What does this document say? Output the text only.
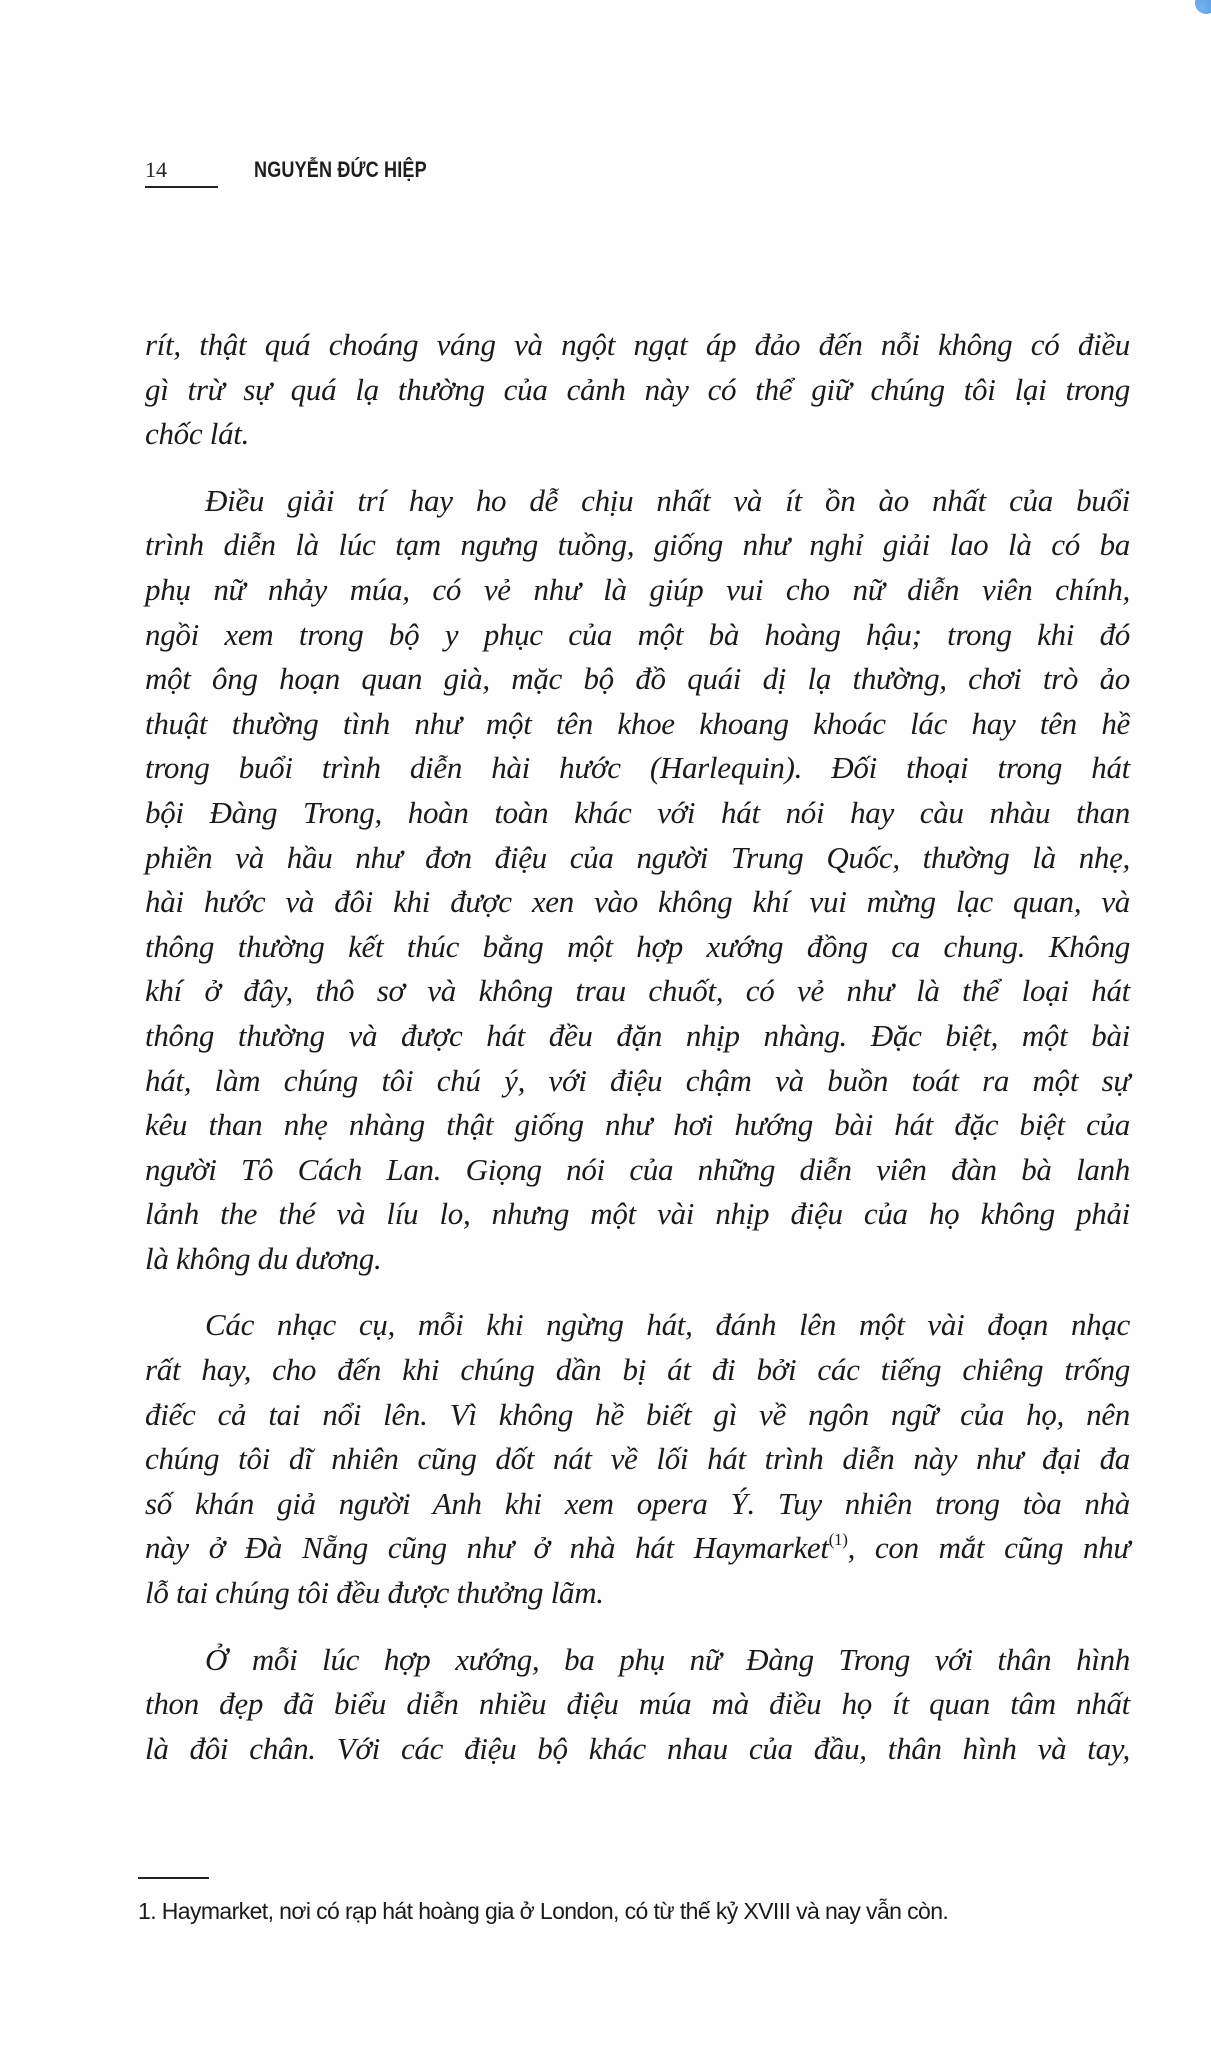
14	NGUYỄN ĐỨC HIỆP

rít, thật quá choáng váng và ngột ngạt áp đảo đến nỗi không có điều
gì trừ sự quá lạ thường của cảnh này có thể giữ chúng tôi lại trong
chốc lát.

Điều giải trí hay ho dễ chịu nhất và ít ồn ào nhất của buổi
trình diễn là lúc tạm ngưng tuồng, giống như nghỉ giải lao là có ba
phụ nữ nhảy múa, có vẻ như là giúp vui cho nữ diễn viên chính,
ngồi xem trong bộ y phục của một bà hoàng hậu; trong khi đó
một ông hoạn quan già, mặc bộ đồ quái dị lạ thường, chơi trò ảo
thuật thường tình như một tên khoe khoang khoác lác hay tên hề
trong buổi trình diễn hài hước (Harlequin). Đối thoại trong hát
bội Đàng Trong, hoàn toàn khác với hát nói hay càu nhàu than
phiền và hầu như đơn điệu của người Trung Quốc, thường là nhẹ,
hài hước và đôi khi được xen vào không khí vui mừng lạc quan, và
thông thường kết thúc bằng một hợp xướng đồng ca chung. Không
khí ở đây, thô sơ và không trau chuốt, có vẻ như là thể loại hát
thông thường và được hát đều đặn nhịp nhàng. Đặc biệt, một bài
hát, làm chúng tôi chú ý, với điệu chậm và buồn toát ra một sự
kêu than nhẹ nhàng thật giống như hơi hướng bài hát đặc biệt của
người Tô Cách Lan. Giọng nói của những diễn viên đàn bà lanh
lảnh the thé và líu lo, nhưng một vài nhịp điệu của họ không phải
là không du dương.

Các nhạc cụ, mỗi khi ngừng hát, đánh lên một vài đoạn nhạc
rất hay, cho đến khi chúng dần bị át đi bởi các tiếng chiêng trống
điếc cả tai nổi lên. Vì không hề biết gì về ngôn ngữ của họ, nên
chúng tôi dĩ nhiên cũng dốt nát về lối hát trình diễn này như đại đa
số khán giả người Anh khi xem opera Ý. Tuy nhiên trong tòa nhà
này ở Đà Nẵng cũng như ở nhà hát Haymarket$^{(1)}$, con mắt cũng như
lỗ tai chúng tôi đều được thưởng lãm.

Ở mỗi lúc hợp xướng, ba phụ nữ Đàng Trong với thân hình
thon đẹp đã biểu diễn nhiều điệu múa mà điều họ ít quan tâm nhất
là đôi chân. Với các điệu bộ khác nhau của đầu, thân hình và tay,

1. Haymarket, nơi có rạp hát hoàng gia ở London, có từ thế kỷ XVIII và nay vẫn còn.
